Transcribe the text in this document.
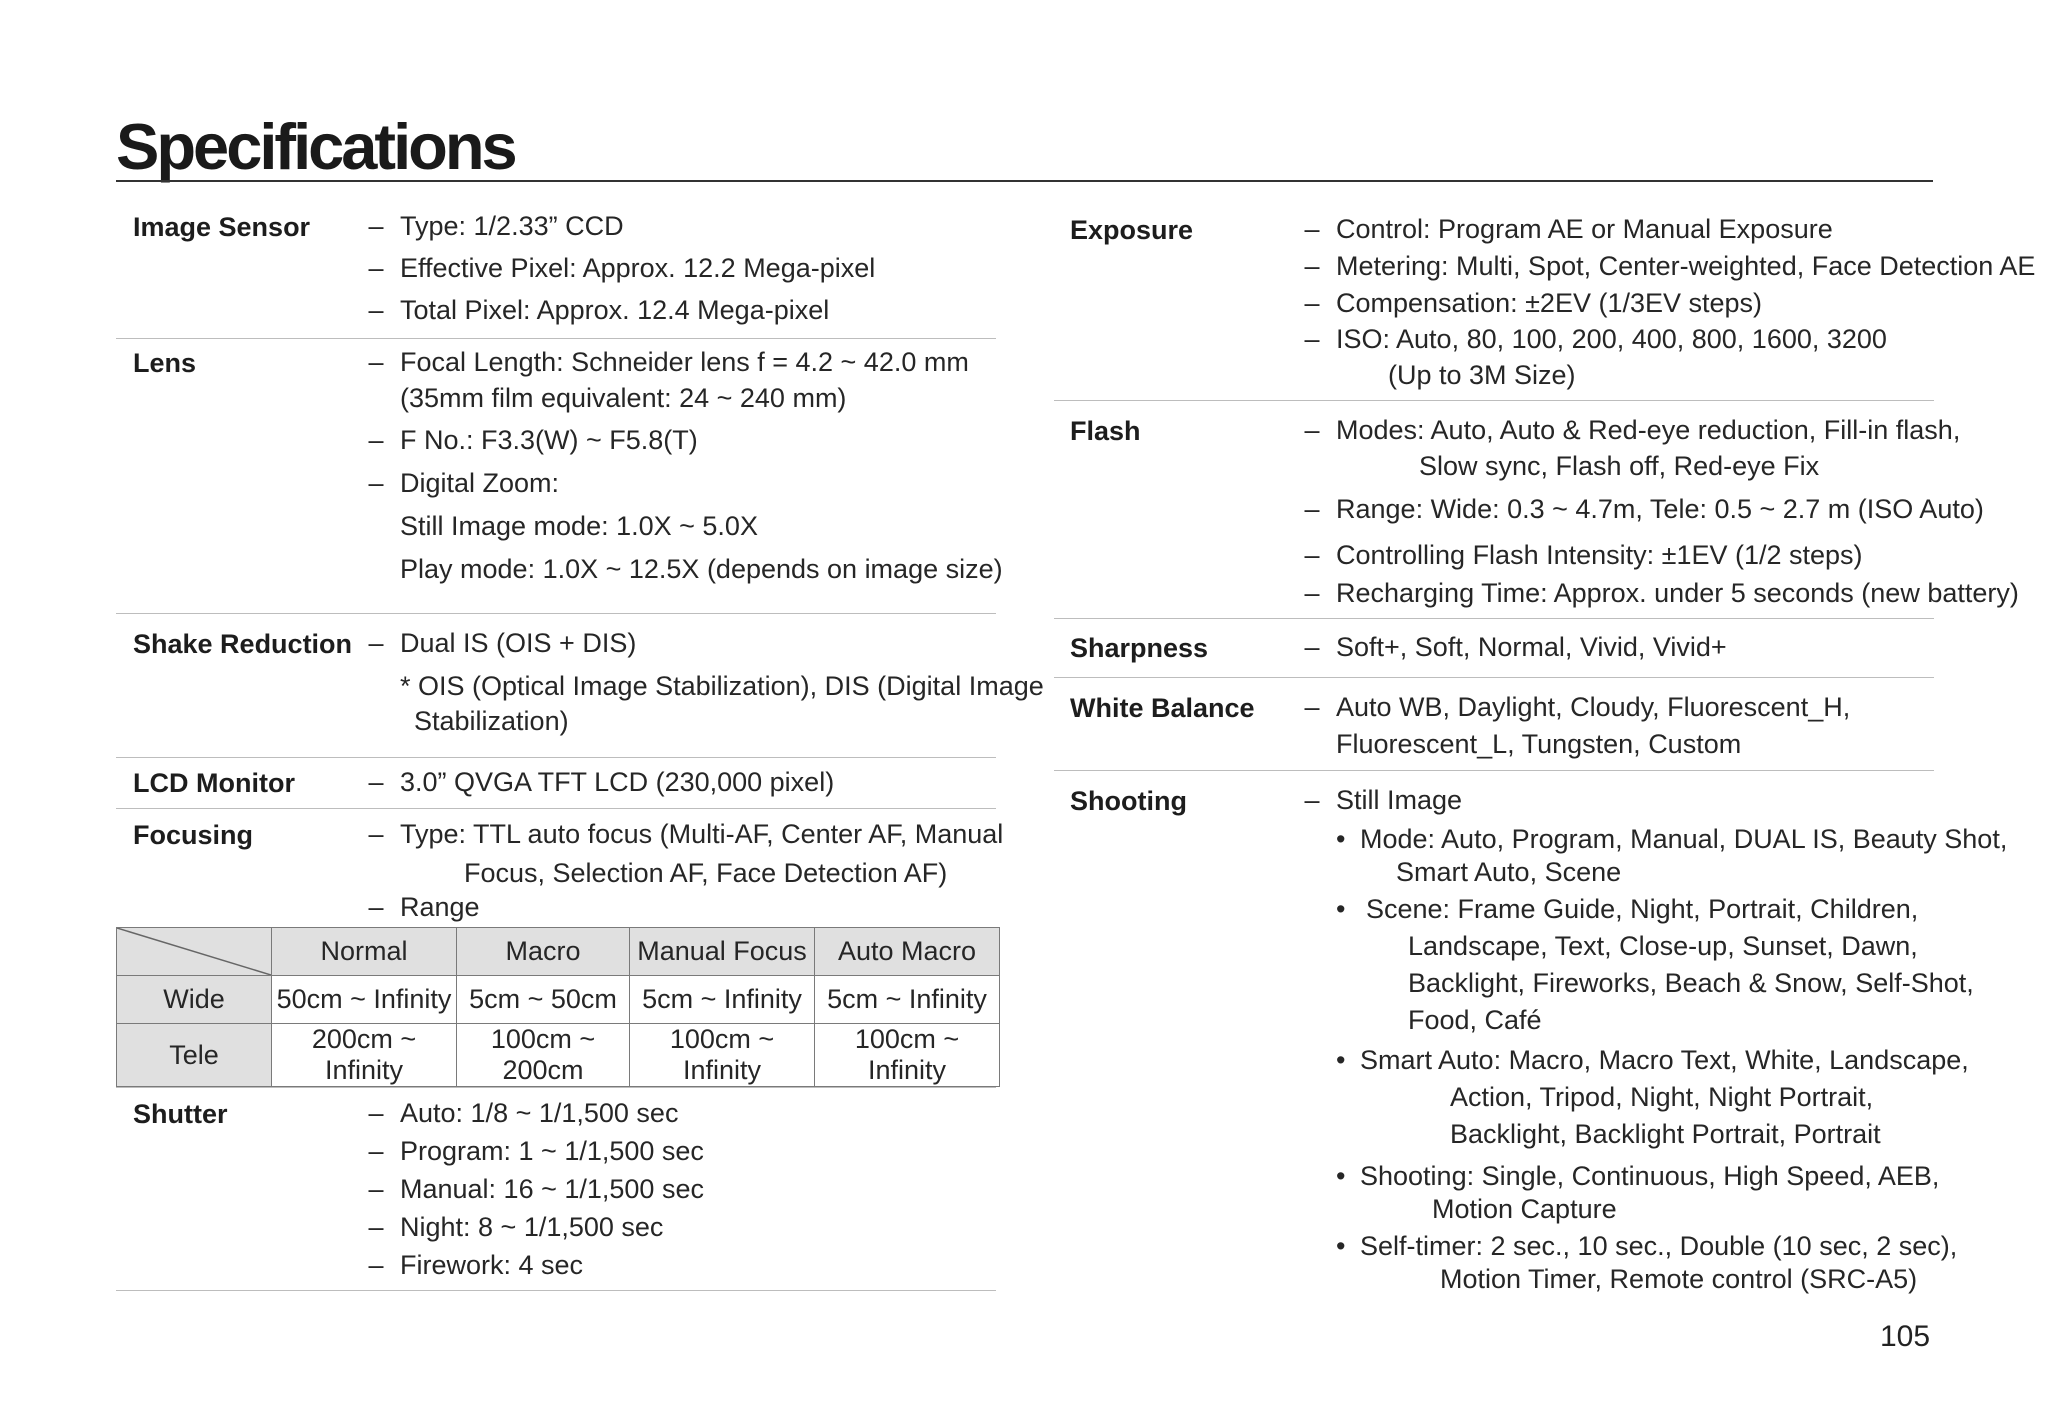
Specifications
Image Sensor – Type: 1/2.33” CCD
– Effective Pixel: Approx. 12.2 Mega-pixel
– Total Pixel: Approx. 12.4 Mega-pixel
Lens	– Focal Length: Schneider lens f = 4.2 ~ 42.0 mm
(35mm film equivalent: 24 ~ 240 mm)
– F No.: F3.3(W) ~ F5.8(T)
– Digital Zoom:
Still Image mode: 1.0X ~ 5.0X
Play mode: 1.0X ~ 12.5X (depends on image size)
Shake Reduction – Dual IS (OIS + DIS)
* OIS (Optical Image Stabilization), DIS (Digital Image
Stabilization)
LCD Monitor	– 3.0” QVGA TFT LCD (230,000 pixel)
Focusing	– Type: TTL auto focus (Multi-AF, Center AF, Manual
Focus, Selection AF, Face Detection AF)
– Range
	Normal	Macro	Manual Focus	Auto Macro
Wide	50cm ~ Infinity	5cm ~ 50cm	5cm ~ Infinity	5cm ~ Infinity
Tele	200cm ~ Infinity	100cm ~ 200cm	100cm ~ Infinity	100cm ~ Infinity
Shutter	– Auto: 1/8 ~ 1/1,500 sec
– Program: 1 ~ 1/1,500 sec
– Manual: 16 ~ 1/1,500 sec
– Night: 8 ~ 1/1,500 sec
– Firework: 4 sec
Exposure	– Control: Program AE or Manual Exposure
– Metering: Multi, Spot, Center-weighted, Face Detection AE
– Compensation: ±2EV (1/3EV steps)
– ISO: Auto, 80, 100, 200, 400, 800, 1600, 3200
(Up to 3M Size)
Flash	– Modes: Auto, Auto & Red-eye reduction, Fill-in flash,
Slow sync, Flash off, Red-eye Fix
– Range: Wide: 0.3 ~ 4.7m, Tele: 0.5 ~ 2.7 m (ISO Auto)
– Controlling Flash Intensity: ±1EV (1/2 steps)
– Recharging Time: Approx. under 5 seconds (new battery)
Sharpness	– Soft+, Soft, Normal, Vivid, Vivid+
White Balance – Auto WB, Daylight, Cloudy, Fluorescent_H,
Fluorescent_L, Tungsten, Custom
Shooting	– Still Image
• Mode: Auto, Program, Manual, DUAL IS, Beauty Shot,
Smart Auto, Scene
• Scene: Frame Guide, Night, Portrait, Children,
Landscape, Text, Close-up, Sunset, Dawn,
Backlight, Fireworks, Beach & Snow, Self-Shot,
Food, Café
• Smart Auto: Macro, Macro Text, White, Landscape,
Action, Tripod, Night, Night Portrait,
Backlight, Backlight Portrait, Portrait
• Shooting: Single, Continuous, High Speed, AEB,
Motion Capture
• Self-timer: 2 sec., 10 sec., Double (10 sec, 2 sec),
Motion Timer, Remote control (SRC-A5)
105
